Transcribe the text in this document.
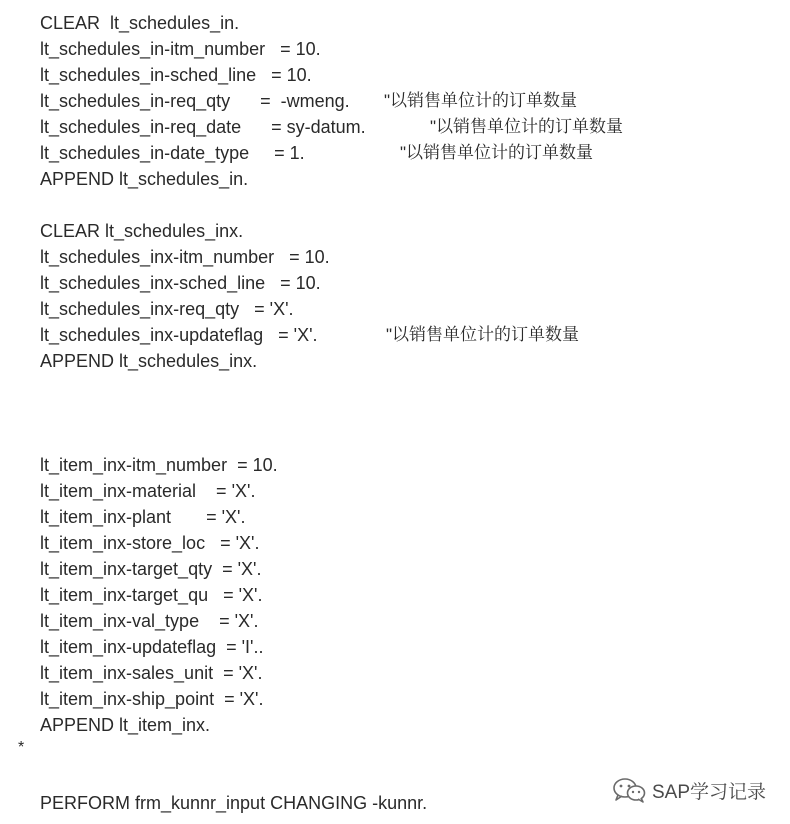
CLEAR  lt_schedules_in.
lt_schedules_in-itm_number   = 10.
lt_schedules_in-sched_line   = 10.
lt_schedules_in-req_qty      =  -wmeng. "以销售单位计的订单数量
lt_schedules_in-req_date      = sy-datum.	"以销售单位计的订单数量
lt_schedules_in-date_type     = 1.	"以销售单位计的订单数量
APPEND lt_schedules_in.
CLEAR lt_schedules_inx.
lt_schedules_inx-itm_number   = 10.
lt_schedules_inx-sched_line   = 10.
lt_schedules_inx-req_qty   = 'X'.
lt_schedules_inx-updateflag   = 'X'.	"以销售单位计的订单数量
APPEND lt_schedules_inx.
lt_item_inx-itm_number  = 10.
lt_item_inx-material    = 'X'.
lt_item_inx-plant       = 'X'.
lt_item_inx-store_loc   = 'X'.
lt_item_inx-target_qty  = 'X'.
lt_item_inx-target_qu   = 'X'.
lt_item_inx-val_type    = 'X'.
lt_item_inx-updateflag  = 'I'..
lt_item_inx-sales_unit  = 'X'.
lt_item_inx-ship_point  = 'X'.
APPEND lt_item_inx.
*
PERFORM frm_kunnr_input CHANGING -kunnr.
SAP学习记录
